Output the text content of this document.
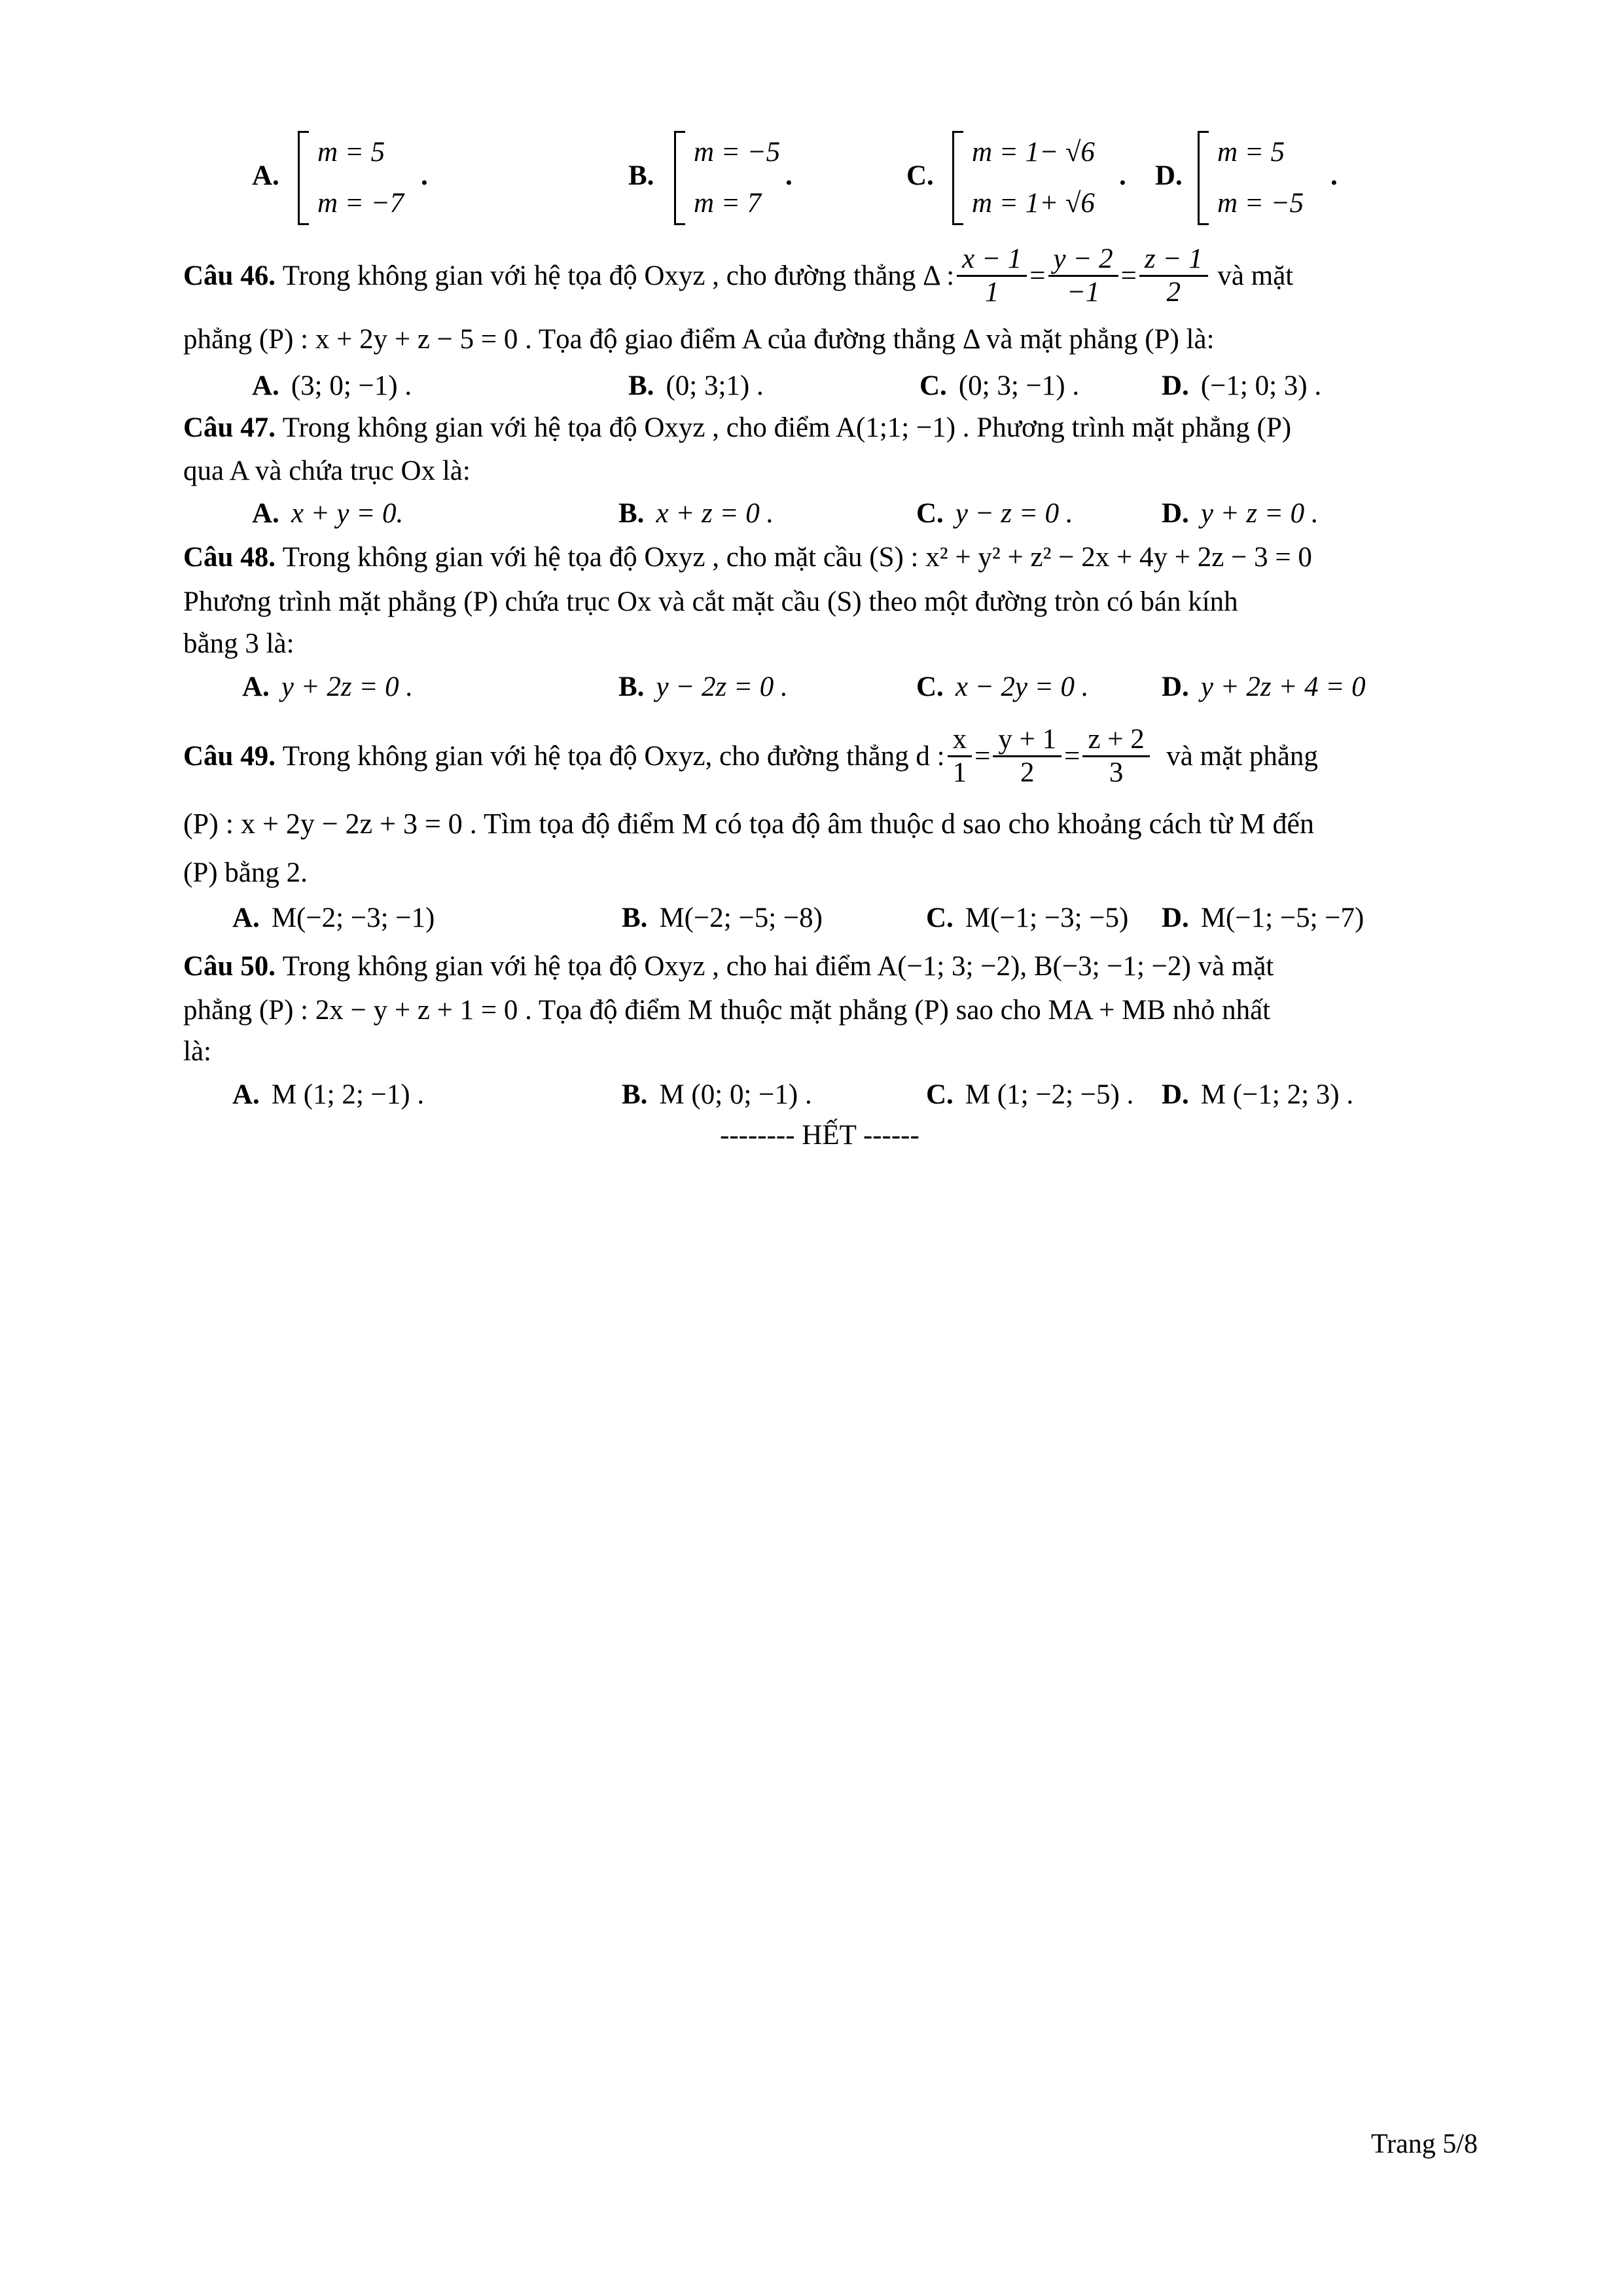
A.
m = 5
m = −7
.	B.
m = −5
m = 7
.	C.
m = 1− √6
m = 1+ √6
. D.
m = 5
m = −5
.
Câu 46.
Trong không gian với hệ tọa độ Oxyz , cho đường thẳng Δ : $\frac{x - 1}{1} = \frac{y - 2}{-1} = \frac{z - 1}{2}$
và mặt
phẳng (P) : x + 2y + z − 5 = 0 . Tọa độ giao điểm A của đường thẳng Δ và mặt phẳng (P) là:
A. (3; 0; −1) .	B. (0; 3;1) .	C. (0; 3; −1) .	D. (−1; 0; 3) .
Câu 47. Trong không gian với hệ tọa độ Oxyz , cho điểm A(1;1; −1) . Phương trình mặt phẳng (P)
qua A và chứa trục Ox là:
A. x + y = 0.	B. x + z = 0 .	C. y − z = 0 .	D. y + z = 0 .
Câu 48. Trong không gian với hệ tọa độ Oxyz , cho mặt cầu (S) : x² + y² + z² − 2x + 4y + 2z − 3 = 0
Phương trình mặt phẳng (P) chứa trục Ox và cắt mặt cầu (S) theo một đường tròn có bán kính
bằng 3 là:
A. y + 2z = 0 .	B. y − 2z = 0 .	C. x − 2y = 0 .	D. y + 2z + 4 = 0
Câu 49.
Trong không gian với hệ tọa độ Oxyz, cho đường thẳng d : $\frac{x}{1} = \frac{y + 1}{2} = \frac{z + 2}{3}$
và mặt phẳng
(P) : x + 2y − 2z + 3 = 0 . Tìm tọa độ điểm M có tọa độ âm thuộc d sao cho khoảng cách từ M đến
(P) bằng 2.
A. M(−2; −3; −1)	B. M(−2; −5; −8)	C. M(−1; −3; −5) D. M(−1; −5; −7)
Câu 50. Trong không gian với hệ tọa độ Oxyz , cho hai điểm A(−1; 3; −2), B(−3; −1; −2) và mặt
phẳng (P) : 2x − y + z + 1 = 0 . Tọa độ điểm M thuộc mặt phẳng (P) sao cho MA + MB nhỏ nhất
là:
A. M (1; 2; −1) .	B. M (0; 0; −1) .	C. M (1; −2; −5) . D. M (−1; 2; 3) .
-------- HẾT ------
Trang 5/8
